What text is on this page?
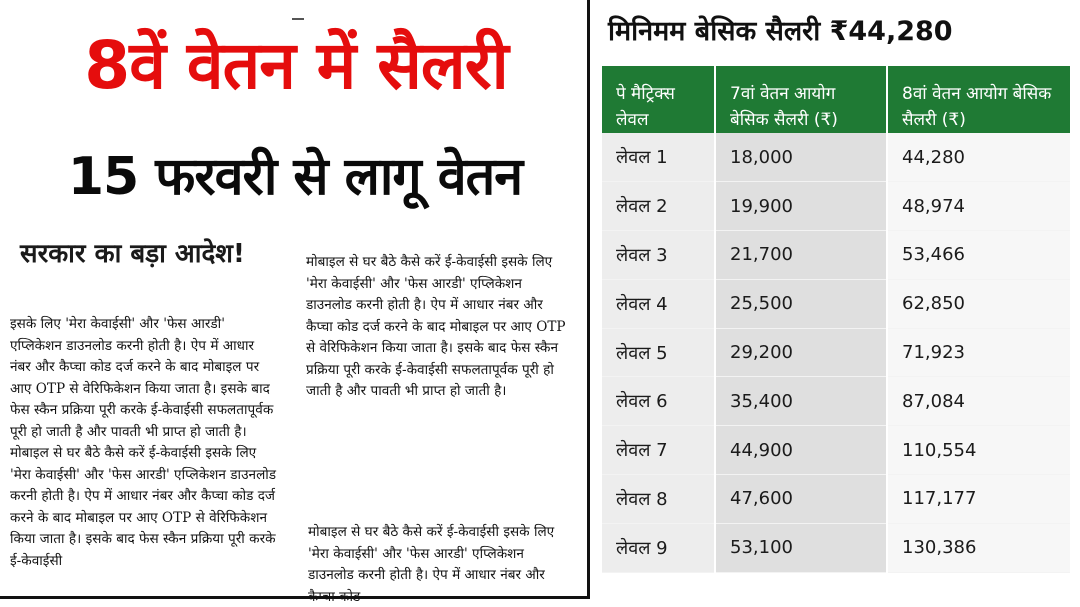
8वें वेतन में सैलरी
15 फरवरी से लागू वेतन
सरकार का बड़ा आदेश!

इसके लिए 'मेरा केवाईसी' और 'फेस आरडी' एप्लिकेशन डाउनलोड करनी होती है। ऐप में आधार नंबर और कैप्चा कोड दर्ज करने के बाद मोबाइल पर आए OTP से वेरिफिकेशन किया जाता है। इसके बाद फेस स्कैन प्रक्रिया पूरी करके ई-केवाईसी सफलतापूर्वक पूरी हो जाती है और पावती भी प्राप्त हो जाती है।मोबाइल से घर बैठे कैसे करें ई-केवाईसी इसके लिए 'मेरा केवाईसी' और 'फेस आरडी' एप्लिकेशन डाउनलोड करनी होती है। ऐप में आधार नंबर और कैप्चा कोड दर्ज करने के बाद मोबाइल पर आए OTP से वेरिफिकेशन किया जाता है। इसके बाद फेस स्कैन प्रक्रिया पूरी करके ई-केवाईसी

मोबाइल से घर बैठे कैसे करें ई-केवाईसी इसके लिए 'मेरा केवाईसी' और 'फेस आरडी' एप्लिकेशन डाउनलोड करनी होती है। ऐप में आधार नंबर और कैप्चा कोड दर्ज करने के बाद मोबाइल पर आए OTP से वेरिफिकेशन किया जाता है। इसके बाद फेस स्कैन प्रक्रिया पूरी करके ई-केवाईसी सफलतापूर्वक पूरी हो जाती है और पावती भी प्राप्त हो जाती है।

मोबाइल से घर बैठे कैसे करें ई-केवाईसी इसके लिए 'मेरा केवाईसी' और 'फेस आरडी' एप्लिकेशन डाउनलोड करनी होती है। ऐप में आधार नंबर और कैप्चा कोड

मिनिमम बेसिक सैलरी ₹44,280
पे मैट्रिक्स लेवल	7वां वेतन आयोग बेसिक सैलरी (₹)	8वां वेतन आयोग बेसिक सैलरी (₹)
लेवल 1	18,000	44,280
लेवल 2	19,900	48,974
लेवल 3	21,700	53,466
लेवल 4	25,500	62,850
लेवल 5	29,200	71,923
लेवल 6	35,400	87,084
लेवल 7	44,900	110,554
लेवल 8	47,600	117,177
लेवल 9	53,100	130,386
